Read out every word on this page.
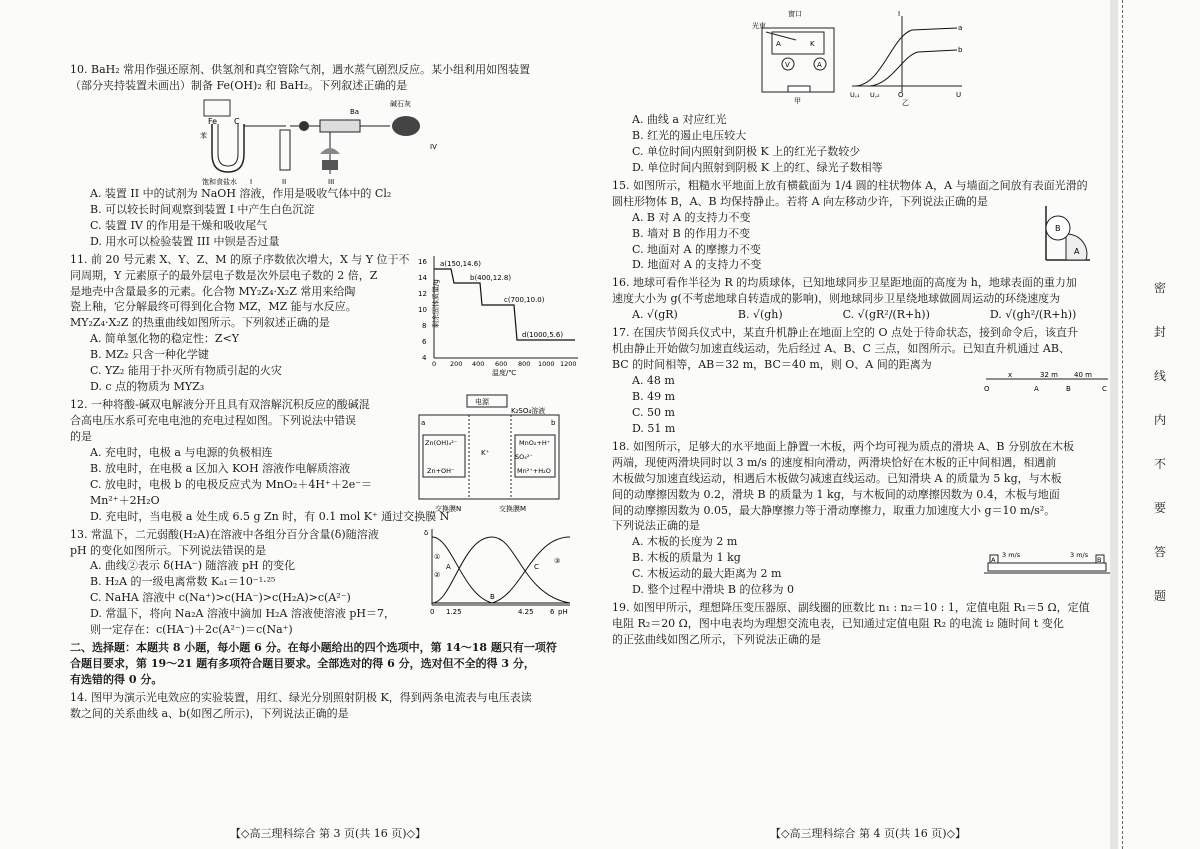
10. BaH₂ 常用作强还原剂、供氢剂和真空管除气剂，遇水蒸气剧烈反应。某小组利用如图装置
（部分夹持装置未画出）制备 Fe(OH)₂ 和 BaH₂。下列叙述正确的是
Fe C
苯
饱和食盐水 I	II
Ba
III
碱石灰
IV
A. 装置 II 中的试剂为 NaOH 溶液，作用是吸收气体中的 Cl₂
B. 可以较长时间观察到装置 I 中产生白色沉淀
C. 装置 IV 的作用是干燥和吸收尾气
D. 用水可以检验装置 III 中钡是否过量
11. 前 20 号元素 X、Y、Z、M 的原子序数依次增大，X 与 Y 位于不
同周期，Y 元素原子的最外层电子数是次外层电子数的 2 倍，Z
是地壳中含量最多的元素。化合物 MY₂Z₄·X₂Z 常用来给陶
瓷上釉，它分解最终可得到化合物 MZ，MZ 能与水反应。
MY₂Z₄·X₂Z 的热重曲线如图所示。下列叙述正确的是
A. 简单氢化物的稳定性：Z<Y
B. MZ₂ 只含一种化学键
C. YZ₂ 能用于扑灭所有物质引起的火灾
D. c 点的物质为 MYZ₃
剩余固体质量/g
4
6
8
10
12
14
16
0 200 400 600 800 1000 1200
温度/℃
a(150,14.6)
b(400,12.8)
c(700,10.0)
d(1000,5.6)
12. 一种将酸-碱双电解液分开且具有双溶解沉积反应的酸碱混
合高电压水系可充电电池的充电过程如图。下列说法中错误
的是
A. 充电时，电极 a 与电源的负极相连
B. 放电时，在电极 a 区加入 KOH 溶液作电解质溶液
C. 放电时，电极 b 的电极反应式为 MnO₂＋4H⁺＋2e⁻＝
Mn²⁺＋2H₂O
D. 充电时，当电极 a 处生成 6.5 g Zn 时，有 0.1 mol K⁺ 通过交换膜 N
电源
K₂SO₄溶液
a	b
Zn(OH)₄²⁻
Zn+OH⁻
K⁺	SO₄²⁻
MnO₂+H⁺
Mn²⁺+H₂O
交换膜N	交换膜M
13. 常温下，二元弱酸(H₂A)在溶液中各组分百分含量(δ)随溶液
pH 的变化如图所示。下列说法错误的是
A. 曲线②表示 δ(HA⁻) 随溶液 pH 的变化
B. H₂A 的一级电离常数 Kₐ₁＝10⁻¹·²⁵
C. NaHA 溶液中 c(Na⁺)>c(HA⁻)>c(H₂A)>c(A²⁻)
D. 常温下，将向 Na₂A 溶液中滴加 H₂A 溶液使溶液 pH＝7，
则一定存在：c(HA⁻)＋2c(A²⁻)＝c(Na⁺)
δ
①
②
③
A
B
C
0 1.25	4.25 6 pH
二、选择题：本题共 8 小题，每小题 6 分。在每小题给出的四个选项中，第 14～18 题只有一项符
合题目要求，第 19～21 题有多项符合题目要求。全部选对的得 6 分，选对但不全的得 3 分，
有选错的得 0 分。
14. 图甲为演示光电效应的实验装置，用红、绿光分别照射阴极 K，得到两条电流表与电压表读
数之间的关系曲线 a、b(如图乙所示)，下列说法正确的是
【◇高三理科综合 第 3 页(共 16 页)◇】
窗口
光束
A	K
V	A
甲
I
a
b
U꜀₁ U꜀₂	O	U
乙
A. 曲线 a 对应红光
B. 红光的遏止电压较大
C. 单位时间内照射到阴极 K 上的红光子数较少
D. 单位时间内照射到阴极 K 上的红、绿光子数相等
15. 如图所示，粗糙水平地面上放有横截面为 1/4 圆的柱状物体 A，A 与墙面之间放有表面光滑的
圆柱形物体 B，A、B 均保持静止。若将 A 向左移动少许，下列说法正确的是
A. B 对 A 的支持力不变
B. 墙对 B 的作用力不变
C. 地面对 A 的摩擦力不变
D. 地面对 A 的支持力不变
B
A
16. 地球可看作半径为 R 的均质球体，已知地球同步卫星距地面的高度为 h，地球表面的重力加
速度大小为 g(不考虑地球自转造成的影响)，则地球同步卫星绕地球做圆周运动的环绕速度为
A. √(gR)	B. √(gh)	C. √(gR²/(R+h))	D. √(gh²/(R+h))
17. 在国庆节阅兵仪式中，某直升机静止在地面上空的 O 点处于待命状态，接到命令后，该直升
机由静止开始做匀加速直线运动，先后经过 A、B、C 三点，如图所示。已知直升机通过 AB、
BC 的时间相等，AB＝32 m，BC＝40 m，则 O、A 间的距离为
A. 48 m
B. 49 m
C. 50 m
D. 51 m
x	32 m 40 m
O	A	B	C
18. 如图所示，足够大的水平地面上静置一木板，两个均可视为质点的滑块 A、B 分别放在木板
两端，现使两滑块同时以 3 m/s 的速度相向滑动，两滑块恰好在木板的正中间相遇，相遇前
木板做匀加速直线运动，相遇后木板做匀减速直线运动。已知滑块 A 的质量为 5 kg，与木板
间的动摩擦因数为 0.2，滑块 B 的质量为 1 kg，与木板间的动摩擦因数为 0.4，木板与地面
间的动摩擦因数为 0.05，最大静摩擦力等于滑动摩擦力，取重力加速度大小 g＝10 m/s²。
下列说法正确的是
A. 木板的长度为 2 m
B. 木板的质量为 1 kg
C. 木板运动的最大距离为 2 m
D. 整个过程中滑块 B 的位移为 0
A	B
3 m/s	3 m/s
19. 如图甲所示，理想降压变压器原、副线圈的匝数比 n₁ : n₂＝10 : 1，定值电阻 R₁＝5 Ω，定值
电阻 R₂＝20 Ω，图中电表均为理想交流电表，已知通过定值电阻 R₂ 的电流 i₂ 随时间 t 变化
的正弦曲线如图乙所示，下列说法正确的是
【◇高三理科综合 第 4 页(共 16 页)◇】
密
封
线
内
不
要
答
题
